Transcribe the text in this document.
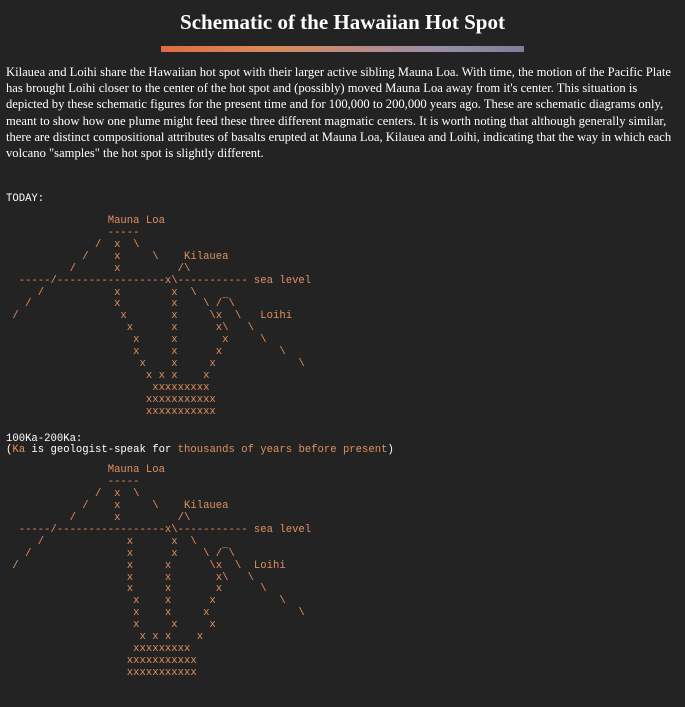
Schematic of the Hawaiian Hot Spot

Kilauea and Loihi share the Hawaiian hot spot with their larger active sibling Mauna Loa. With time, the motion of the Pacific Plate has brought Loihi closer to the center of the hot spot and (possibly) moved Mauna Loa away from it's center. This situation is depicted by these schematic figures for the present time and for 100,000 to 200,000 years ago. These are schematic diagrams only, meant to show how one plume might feed these three different magmatic centers. It is worth noting that although generally similar, there are distinct compositional attributes of basalts erupted at Mauna Loa, Kilauea and Loihi, indicating that the way in which each volcano "samples" the hot spot is slightly different.

TODAY:
Mauna Loa
-----
/  x  \
/    x     \    Kilauea
/      x         /\
-----/-----------------x\----------- sea level
/           x        x  \
/             x        x    \ /‾\
/                x       x     \x  \   Loihi
x      x      x\   \
x     x       x     \
x     x      x         \
x    x     x             \
x x x    x
xxxxxxxxx
xxxxxxxxxxx
xxxxxxxxxxx
100Ka-200Ka:
(Ka is geologist-speak for thousands of years before present)
Mauna Loa
-----
/  x  \
/    x     \    Kilauea
/      x         /\
-----/-----------------x\----------- sea level
/             x      x  \
/               x      x    \ /‾\
/                 x     x      \x  \  Loihi
x     x       x\   \
x     x       x      \
x    x      x          \
x    x     x              \
x     x     x
x x x    x
xxxxxxxxx
xxxxxxxxxxx
xxxxxxxxxxx
